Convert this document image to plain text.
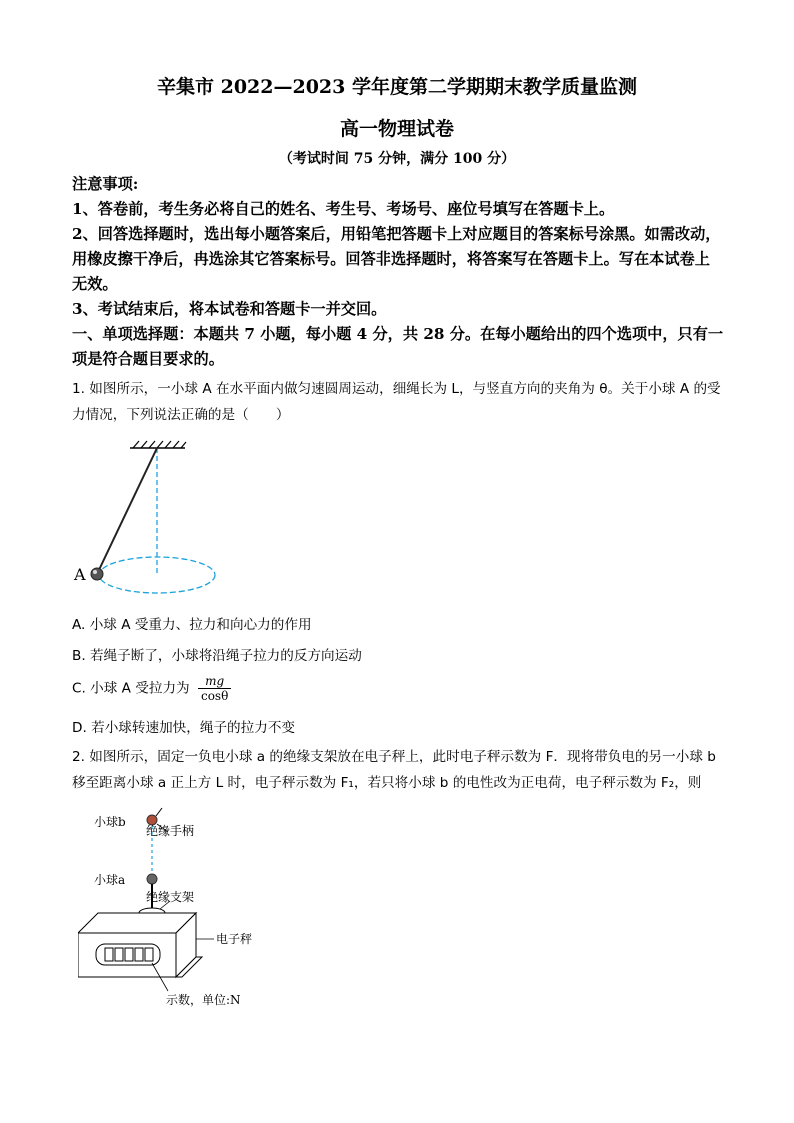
辛集市 2022—2023 学年度第二学期期末教学质量监测
高一物理试卷
（考试时间 75 分钟，满分 100 分）

注意事项:

1、答卷前，考生务必将自己的姓名、考生号、考场号、座位号填写在答题卡上。

2、回答选择题时，选出每小题答案后，用铅笔把答题卡上对应题目的答案标号涂黑。如需改动，用橡皮擦干净后，冉选涂其它答案标号。回答非选择题时，将答案写在答题卡上。写在本试卷上无效。

3、考试结束后，将本试卷和答题卡一并交回。

一、单项选择题：本题共 7 小题，每小题 4 分，共 28 分。在每小题给出的四个选项中，只有一项是符合题目要求的。

1. 如图所示，一小球 A 在水平面内做匀速圆周运动，细绳长为 L，与竖直方向的夹角为 θ。关于小球 A 的受力情况，下列说法正确的是（　　）

A
A. 小球 A 受重力、拉力和向心力的作用
B. 若绳子断了，小球将沿绳子拉力的反方向运动
C. 小球 A 受拉力为 $\frac{mg}{\cos\theta}$
D. 若小球转速加快，绳子的拉力不变

2. 如图所示，固定一负电小球 a 的绝缘支架放在电子秤上，此时电子秤示数为 F．现将带负电的另一小球 b 移至距离小球 a 正上方 L 时，电子秤示数为 F₁，若只将小球 b 的电性改为正电荷，电子秤示数为 F₂，则

小球b
绝缘手柄
小球a
绝缘支架
电子秤
示数，单位:N
